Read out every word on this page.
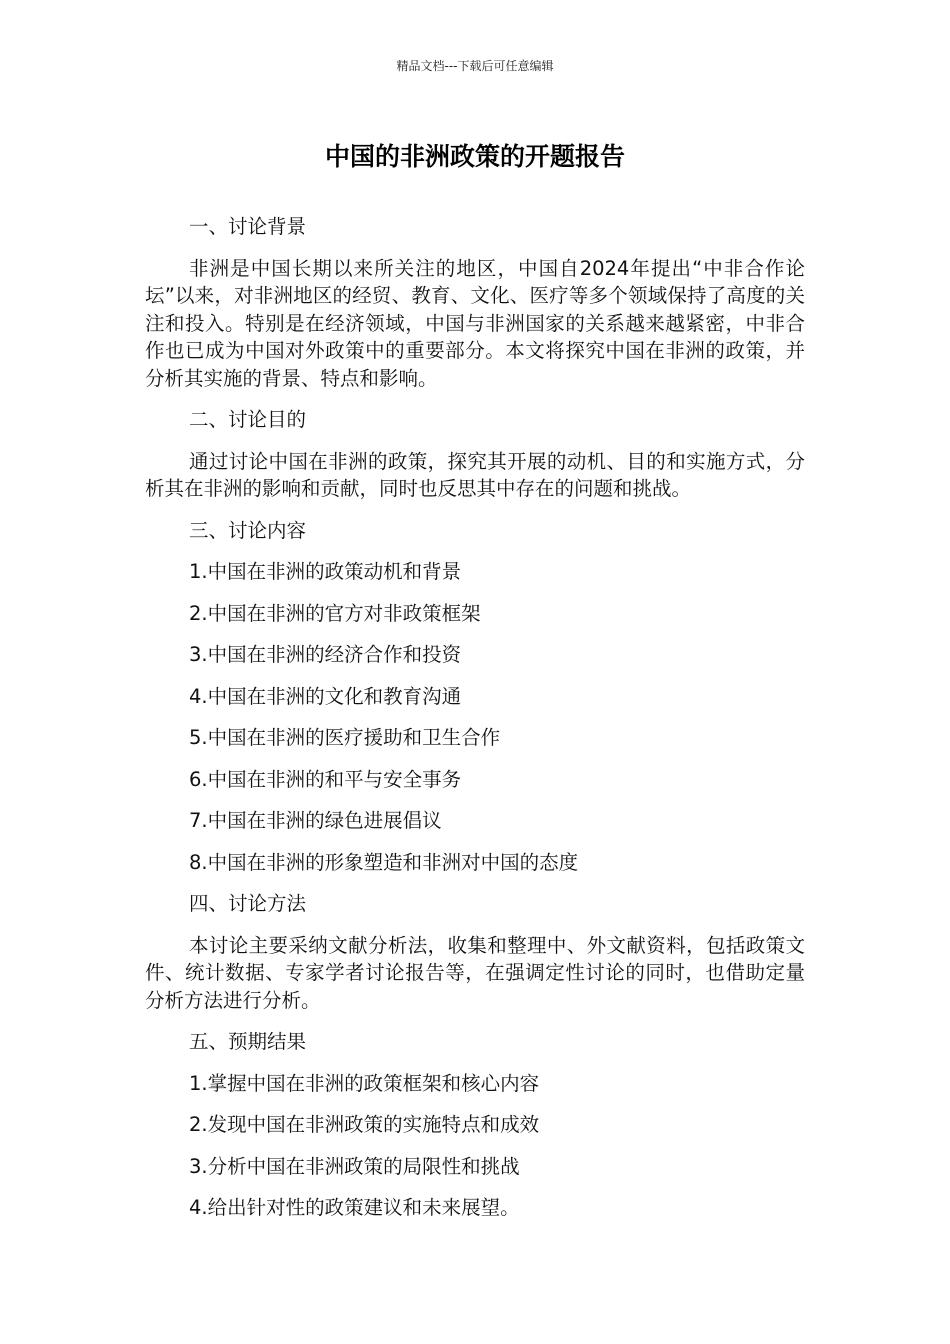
精品文档---下载后可任意编辑
中国的非洲政策的开题报告

一、讨论背景

非洲是中国长期以来所关注的地区，中国自2024年提出“中非合作论坛”以来，对非洲地区的经贸、教育、文化、医疗等多个领域保持了高度的关注和投入。特别是在经济领域，中国与非洲国家的关系越来越紧密，中非合作也已成为中国对外政策中的重要部分。本文将探究中国在非洲的政策，并分析其实施的背景、特点和影响。

二、讨论目的

通过讨论中国在非洲的政策，探究其开展的动机、目的和实施方式，分析其在非洲的影响和贡献，同时也反思其中存在的问题和挑战。

三、讨论内容

1.中国在非洲的政策动机和背景

2.中国在非洲的官方对非政策框架

3.中国在非洲的经济合作和投资

4.中国在非洲的文化和教育沟通

5.中国在非洲的医疗援助和卫生合作

6.中国在非洲的和平与安全事务

7.中国在非洲的绿色进展倡议

8.中国在非洲的形象塑造和非洲对中国的态度

四、讨论方法

本讨论主要采纳文献分析法，收集和整理中、外文献资料，包括政策文件、统计数据、专家学者讨论报告等，在强调定性讨论的同时，也借助定量分析方法进行分析。

五、预期结果

1.掌握中国在非洲的政策框架和核心内容

2.发现中国在非洲政策的实施特点和成效

3.分析中国在非洲政策的局限性和挑战

4.给出针对性的政策建议和未来展望。
